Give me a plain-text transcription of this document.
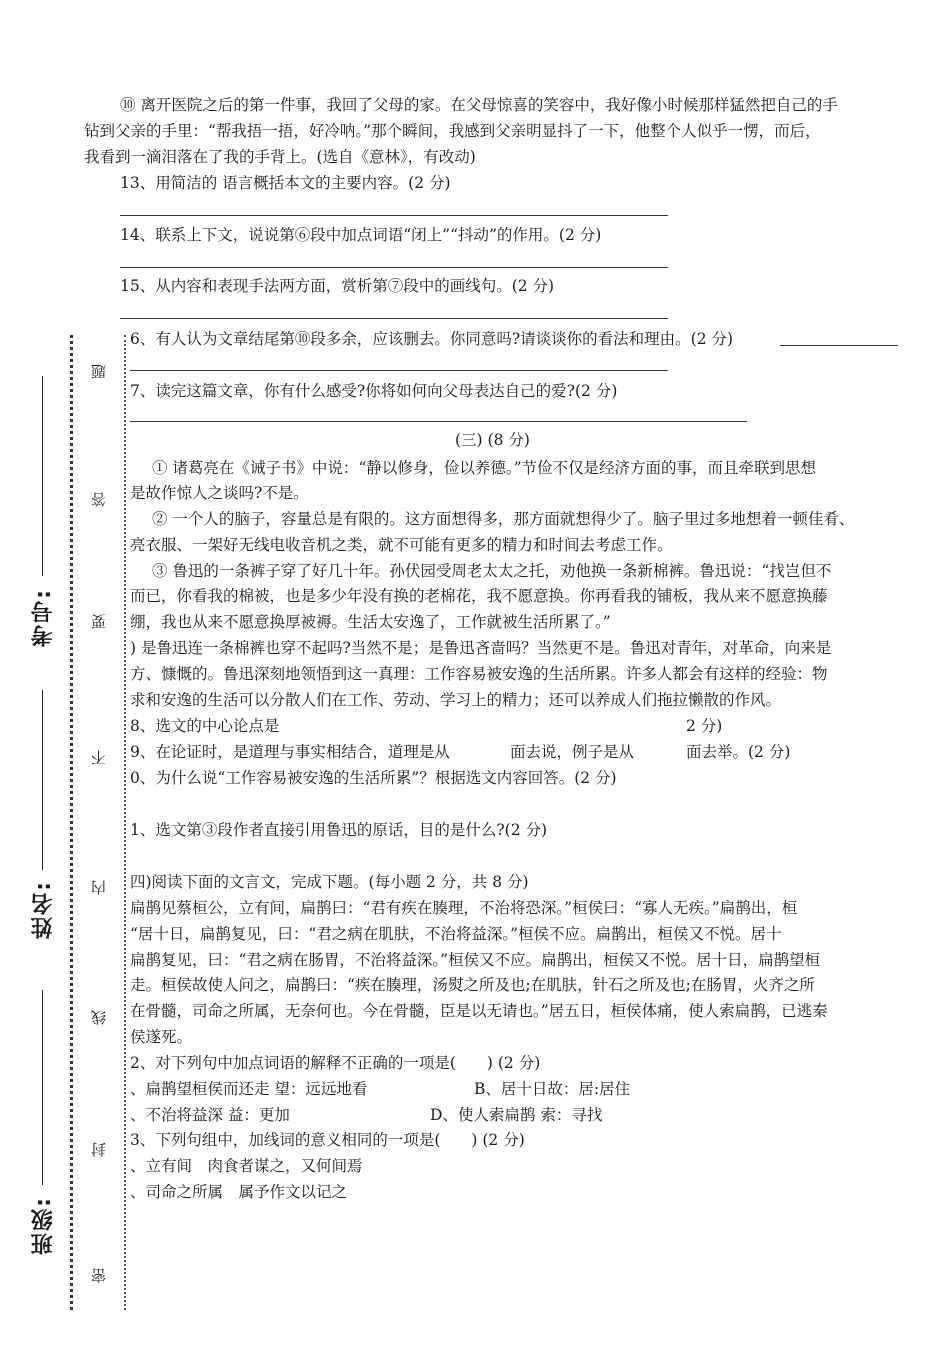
⑩ 离开医院之后的第一件事，我回了父母的家。在父母惊喜的笑容中，我好像小时候那样猛然把自己的手
钻到父亲的手里：“帮我捂一捂，好冷呐。”那个瞬间，我感到父亲明显抖了一下，他整个人似乎一愣，而后，
我看到一滴泪落在了我的手背上。(选自《意林》，有改动)
13、用简洁的 语言概括本文的主要内容。(2 分)
14、联系上下文，说说第⑥段中加点词语“闭上”“抖动”的作用。(2 分)
15、从内容和表现手法两方面，赏析第⑦段中的画线句。(2 分)
6、有人认为文章结尾第⑩段多余，应该删去。你同意吗?请谈谈你的看法和理由。(2 分)
7、读完这篇文章，你有什么感受?你将如何向父母表达自己的爱?(2 分)
(三) (8 分)
① 诸葛亮在《诫子书》中说：“静以修身，俭以养德。”节俭不仅是经济方面的事，而且牵联到思想
是故作惊人之谈吗?不是。
② 一个人的脑子，容量总是有限的。这方面想得多，那方面就想得少了。脑子里过多地想着一顿佳肴、
亮衣服、一架好无线电收音机之类，就不可能有更多的精力和时间去考虑工作。
③ 鲁迅的一条裤子穿了好几十年。孙伏园受周老太太之托，劝他换一条新棉裤。鲁迅说：“找岂但不
而已，你看我的棉被，也是多少年没有换的老棉花，我不愿意换。你再看我的铺板，我从来不愿意换藤
绷，我也从来不愿意换厚被褥。生活太安逸了，工作就被生活所累了。”
) 是鲁迅连一条棉裤也穿不起吗?当然不是；是鲁迅吝啬吗？当然更不是。鲁迅对青年，对革命，向来是
方、慷慨的。鲁迅深刻地领悟到这一真理：工作容易被安逸的生活所累。许多人都会有这样的经验：物
求和安逸的生活可以分散人们在工作、劳动、学习上的精力；还可以养成人们拖拉懒散的作风。
8、选文的中心论点是	2 分)
9、在论证时，是道理与事实相结合，道理是从	面去说，例子是从	面去举。(2 分)
0、为什么说“工作容易被安逸的生活所累”？根据选文内容回答。(2 分)
1、选文第③段作者直接引用鲁迅的原话，目的是什么?(2 分)
四)阅读下面的文言文，完成下题。(每小题 2 分，共 8 分)
扁鹊见蔡桓公，立有间，扁鹊曰：“君有疾在腠理，不治将恐深。”桓侯曰：“寡人无疾。”扁鹊出，桓
“居十日，扁鹊复见，曰：“君之病在肌肤，不治将益深。”桓侯不应。扁鹊出，桓侯又不悦。居十
扁鹊复见，曰：“君之病在肠胃，不治将益深。”桓侯又不应。扁鹊出，桓侯又不悦。居十日，扁鹊望桓
走。桓侯故使人问之，扁鹊曰：“疾在腠理，汤熨之所及也;在肌肤，针石之所及也;在肠胃，火齐之所
在骨髓，司命之所属，无奈何也。今在骨髓，臣是以无请也。”居五日，桓侯体痛，使人索扁鹊，已逃秦
侯遂死。
2、对下列句中加点词语的解释不正确的一项是(　　) (2 分)
、扁鹊望桓侯而还走 望：远远地看	B、居十日故：居:居住
、不治将益深 益：更加	D、使人索扁鹊 索：寻找
3、下列句组中，加线词的意义相同的一项是(　　) (2 分)
、立有间　肉食者谋之，又何间焉
、司命之所属　属予作文以记之
考号:
姓名:
班级:
题
答
要
不
内
线
封
密
